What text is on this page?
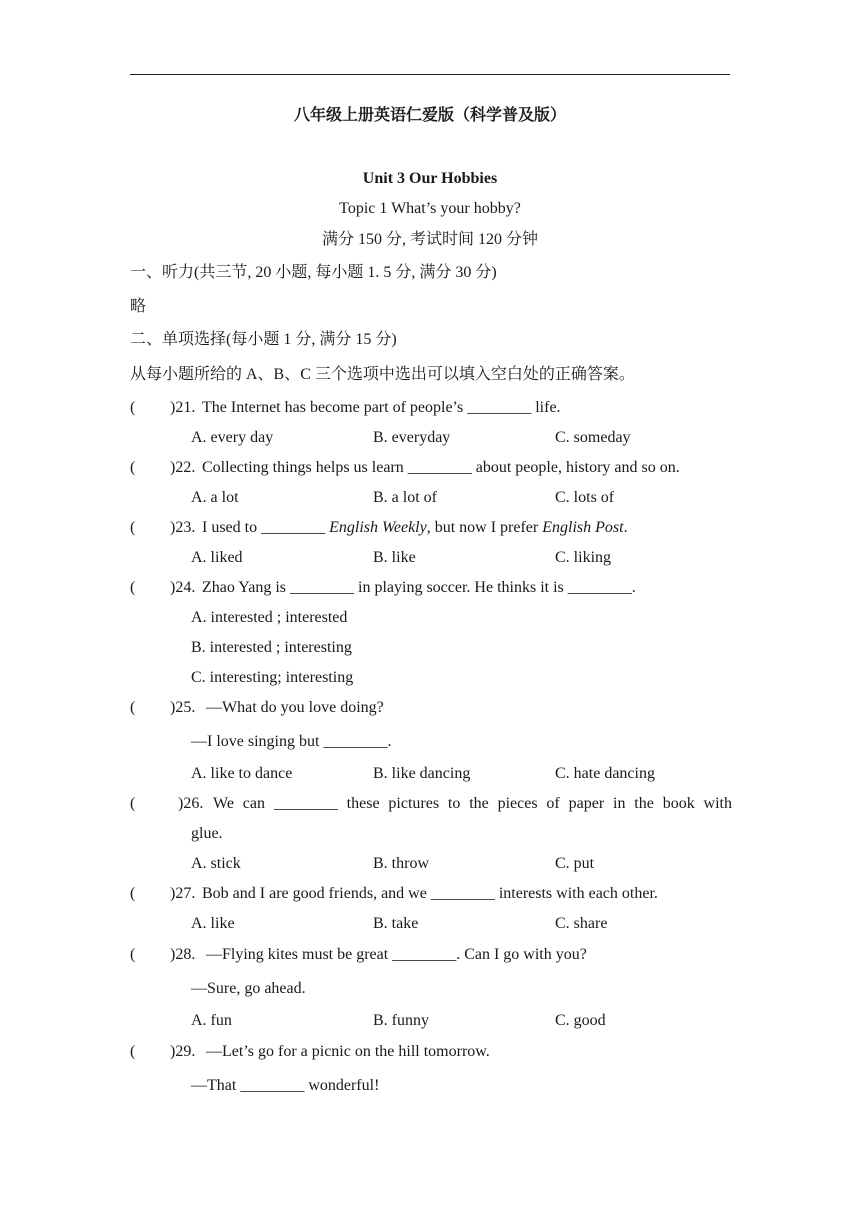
八年级上册英语仁爱版（科学普及版）
Unit 3 Our Hobbies
Topic 1 What’s your hobby?
满分 150 分, 考试时间 120 分钟
一、听力(共三节, 20 小题, 每小题 1. 5 分, 满分 30 分)
略
二、单项选择(每小题 1 分, 满分 15 分)
从每小题所给的 A、B、C 三个选项中选出可以填入空白处的正确答案。
( )21. The Internet has become part of people’s ________ life.
A. every day	B. everyday	C. someday
( )22. Collecting things helps us learn ________ about people, history and so on.
A. a lot	B. a lot of	C. lots of
( )23. I used to ________ English Weekly, but now I prefer English Post.
A. liked	B. like	C. liking
( )24. Zhao Yang is ________ in playing soccer. He thinks it is ________.
A. interested ; interested
B. interested ; interesting
C. interesting; interesting
( )25. —What do you love doing?
—I love singing but ________.
A. like to dance	B. like dancing	C. hate dancing
(	)26. We can ________ these pictures to the pieces of paper in the book with
glue.
A. stick	B. throw	C. put
( )27. Bob and I are good friends, and we ________ interests with each other.
A. like	B. take	C. share
( )28. —Flying kites must be great ________. Can I go with you?
—Sure, go ahead.
A. fun	B. funny	C. good
( )29. —Let’s go for a picnic on the hill tomorrow.
—That ________ wonderful!
